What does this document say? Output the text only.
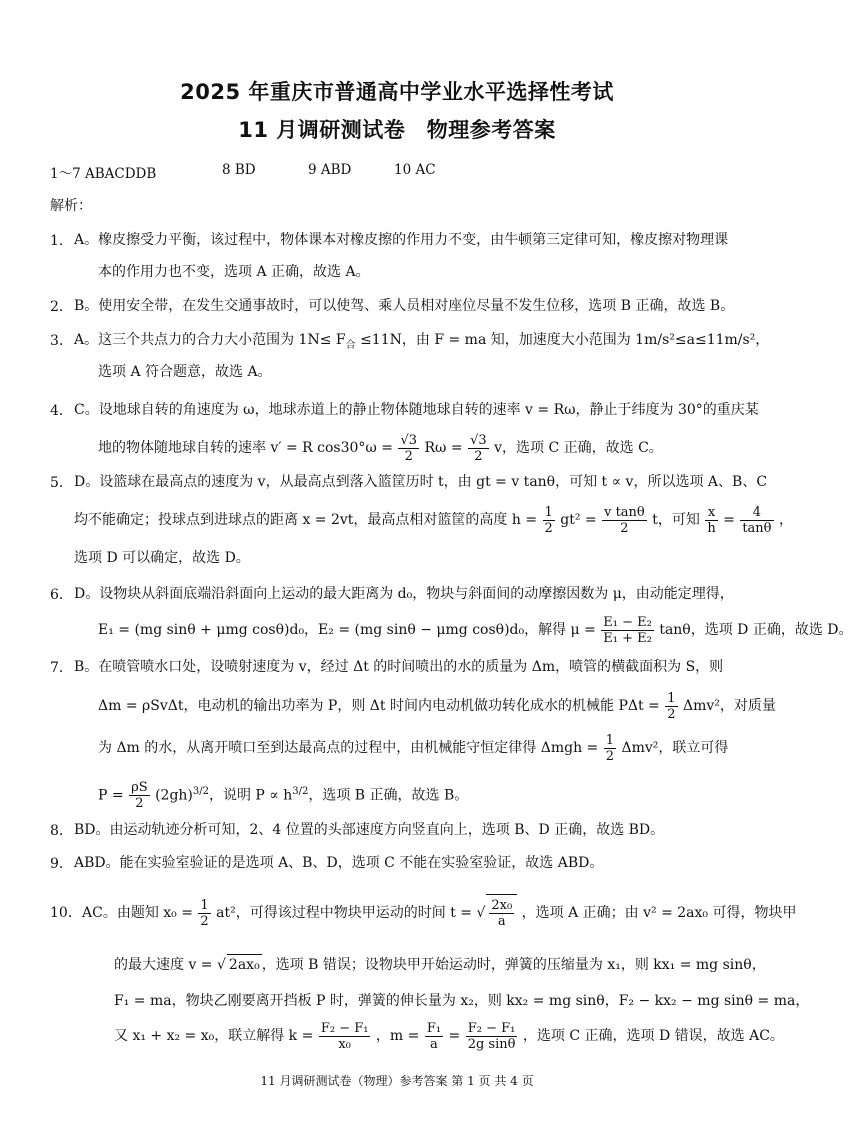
2025 年重庆市普通高中学业水平选择性考试
11 月调研测试卷　物理参考答案
1～7 ABACDDB	8 BD	9 ABD	10 AC
解析：
1． A。橡皮擦受力平衡，该过程中，物体课本对橡皮擦的作用力不变，由牛顿第三定律可知，橡皮擦对物理课
本的作用力也不变，选项 A 正确，故选 A。
2． B。使用安全带，在发生交通事故时，可以使驾、乘人员相对座位尽量不发生位移，选项 B 正确，故选 B。
3． A。这三个共点力的合力大小范围为 $1N\le F_合 \le 11N$，由 F = ma 知，加速度大小范围为 1m/s²≤a≤11m/s²，
选项 A 符合题意，故选 A。
4． C。设地球自转的角速度为 ω，地球赤道上的静止物体随地球自转的速率 v = Rω，静止于纬度为 30°的重庆某
地的物体随地球自转的速率 v′ = R $\cos 30^\circ\omega = \frac{√3}{2}$ $R\omega = \frac{√3}{2}$ v，选项 C 正确，故选 C。
5． D。设篮球在最高点的速度为 v，从最高点到落入篮筐历时 t，由 gt = v tanθ，可知 t ∝ v，所以选项 A、B、C
均不能确定；投球点到进球点的距离 x = 2vt，最高点相对篮筐的高度 $h = \frac{1}{2} gt^2 = \frac{\text{v tanθ}}{2}$ t，可知 $\frac{x}{h} = \frac{4}{\tan\theta}$ ，
选项 D 可以确定，故选 D。
6． D。设物块从斜面底端沿斜面向上运动的最大距离为 d₀，物块与斜面间的动摩擦因数为 μ，由动能定理得，
E₁ = (mg sinθ + μmg cosθ)d₀，E₂ = (mg sinθ − μmg cosθ)d₀，解得 $\mu = \frac{\text{E₁ − E₂}}{\text{E₁ + E₂}}$ tanθ，选项 D 正确，故选 D。
7． B。在喷管喷水口处，设喷射速度为 v，经过 Δt 的时间喷出的水的质量为 Δm，喷管的横截面积为 S，则
Δm = ρSvΔt，电动机的输出功率为 P，则 Δt 时间内电动机做功转化成水的机械能 $P\Delta t = \frac{1}{2} \Delta mv^2$，对质量
为 Δm 的水，从离开喷口至到达最高点的过程中，由机械能守恒定律得 $\Delta mgh = \frac{1}{2} \Delta mv^2$，联立可得
$P = \frac{\rho S}{2} (2gh)^{3/2}$，说明 $P \propto h^{3/2}$，选项 B 正确，故选 B。
8． BD。由运动轨迹分析可知，2、4 位置的头部速度方向竖直向上，选项 B、D 正确，故选 BD。
9． ABD。能在实验室验证的是选项 A、B、D，选项 C 不能在实验室验证，故选 ABD。
10． AC。由题知 $x_0 = \frac{1}{2} at^2$，可得该过程中物块甲运动的时间 t = √ $\frac{\text{2x₀}}{a}$ ，选项 A 正确；由 v² = 2ax₀ 可得，物块甲
的最大速度 v = √ 2ax₀ ，选项 B 错误；设物块甲开始运动时，弹簧的压缩量为 x₁，则 kx₁ = mg sinθ，
F₁ = ma，物块乙刚要离开挡板 P 时，弹簧的伸长量为 x₂，则 kx₂ = mg sinθ，F₂ − kx₂ − mg sinθ = ma，
又 x₁ + x₂ = x₀，联立解得 $k = \frac{\text{F₂ − F₁}}{\text{x₀}}$ ，$m = \frac{\text{F₁}}{a} = \frac{\text{F₂ − F₁}}{\text{2g sinθ}}$ ，选项 C 正确，选项 D 错误，故选 AC。
11 月调研测试卷（物理）参考答案 第 1 页 共 4 页
